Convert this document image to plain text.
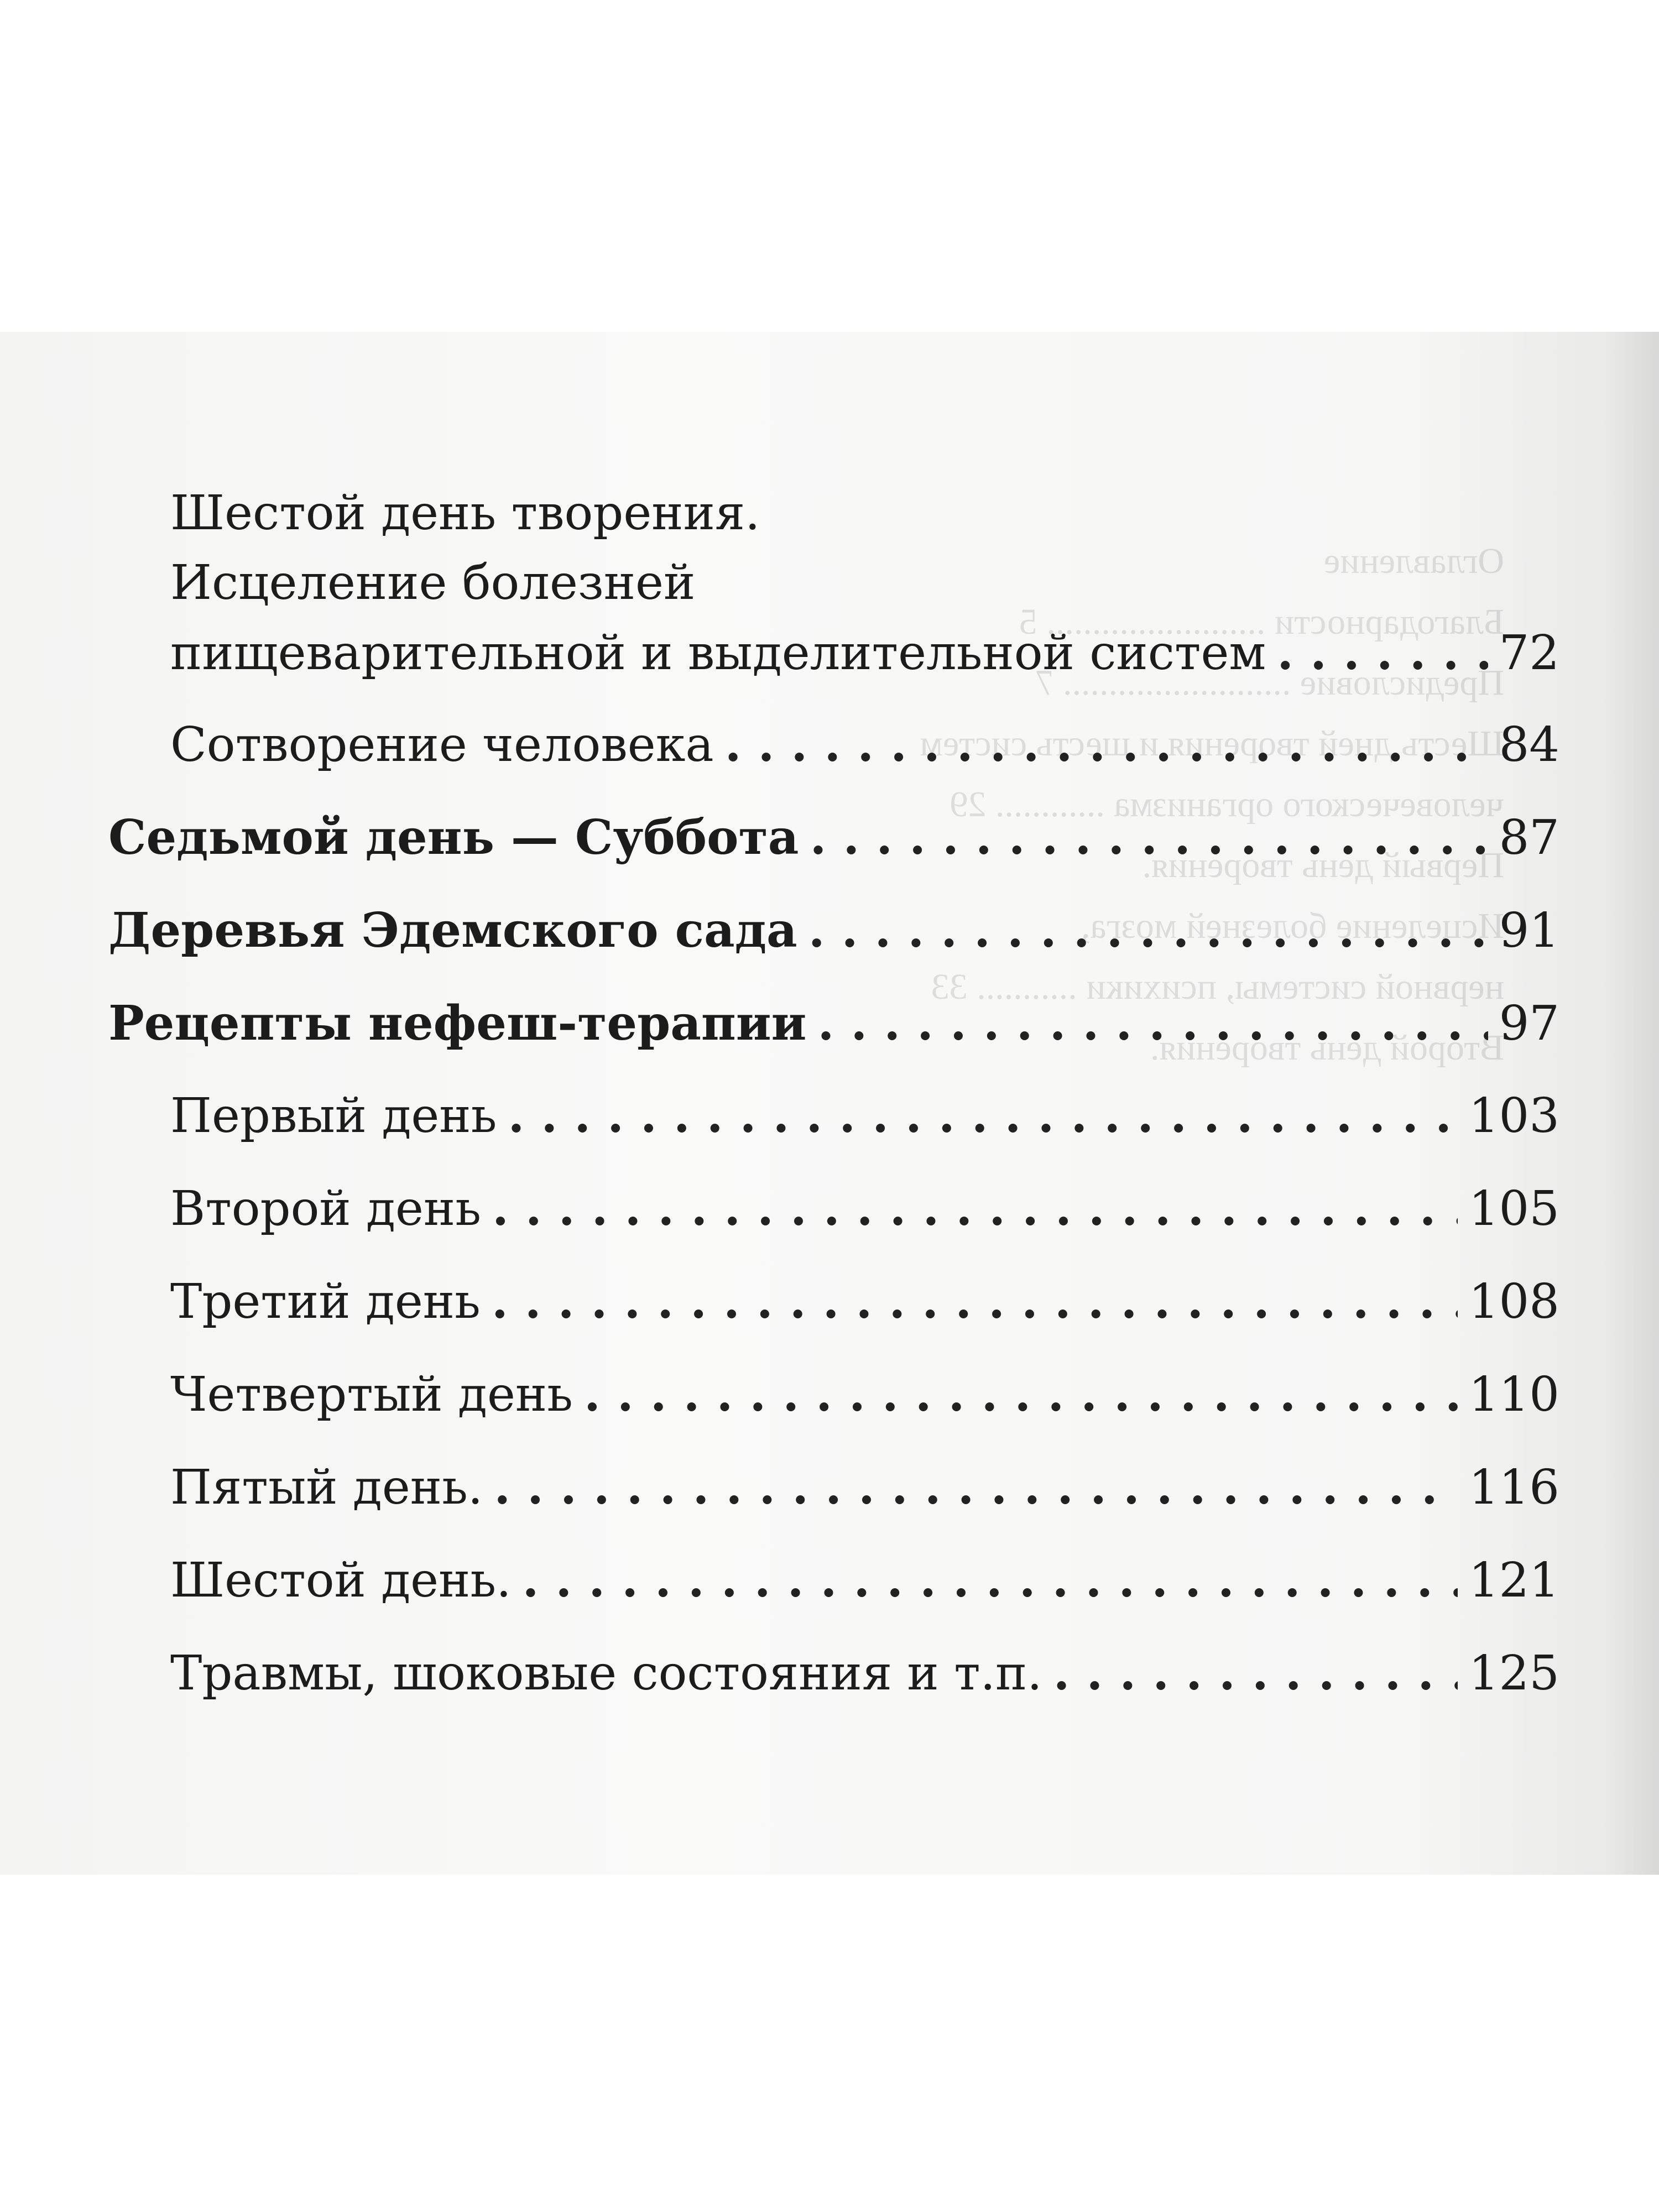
Оглавление
Благодарности ........................ 5
Предисловие ......................... 7
Шесть дней творения и шесть систем
человеческого организма ............ 29
Первый день творения.
Исцеление болезней мозга,
нервной системы, психики ........... 33
Второй день творения.
Шестой день творения.
Исцеление болезней
пищеварительной и выделительной систем . . .	72
Сотворение человека . . .	84
Седьмой день — Суббота . . .	87
Деревья Эдемского сада . . .	91
Рецепты нефеш-терапии . . .	97
Первый день . . .	103
Второй день . . .	105
Третий день . . .	108
Четвертый день . . .	110
Пятый день. . . .	116
Шестой день. . . .	121
Травмы, шоковые состояния и т.п. . . .	125
